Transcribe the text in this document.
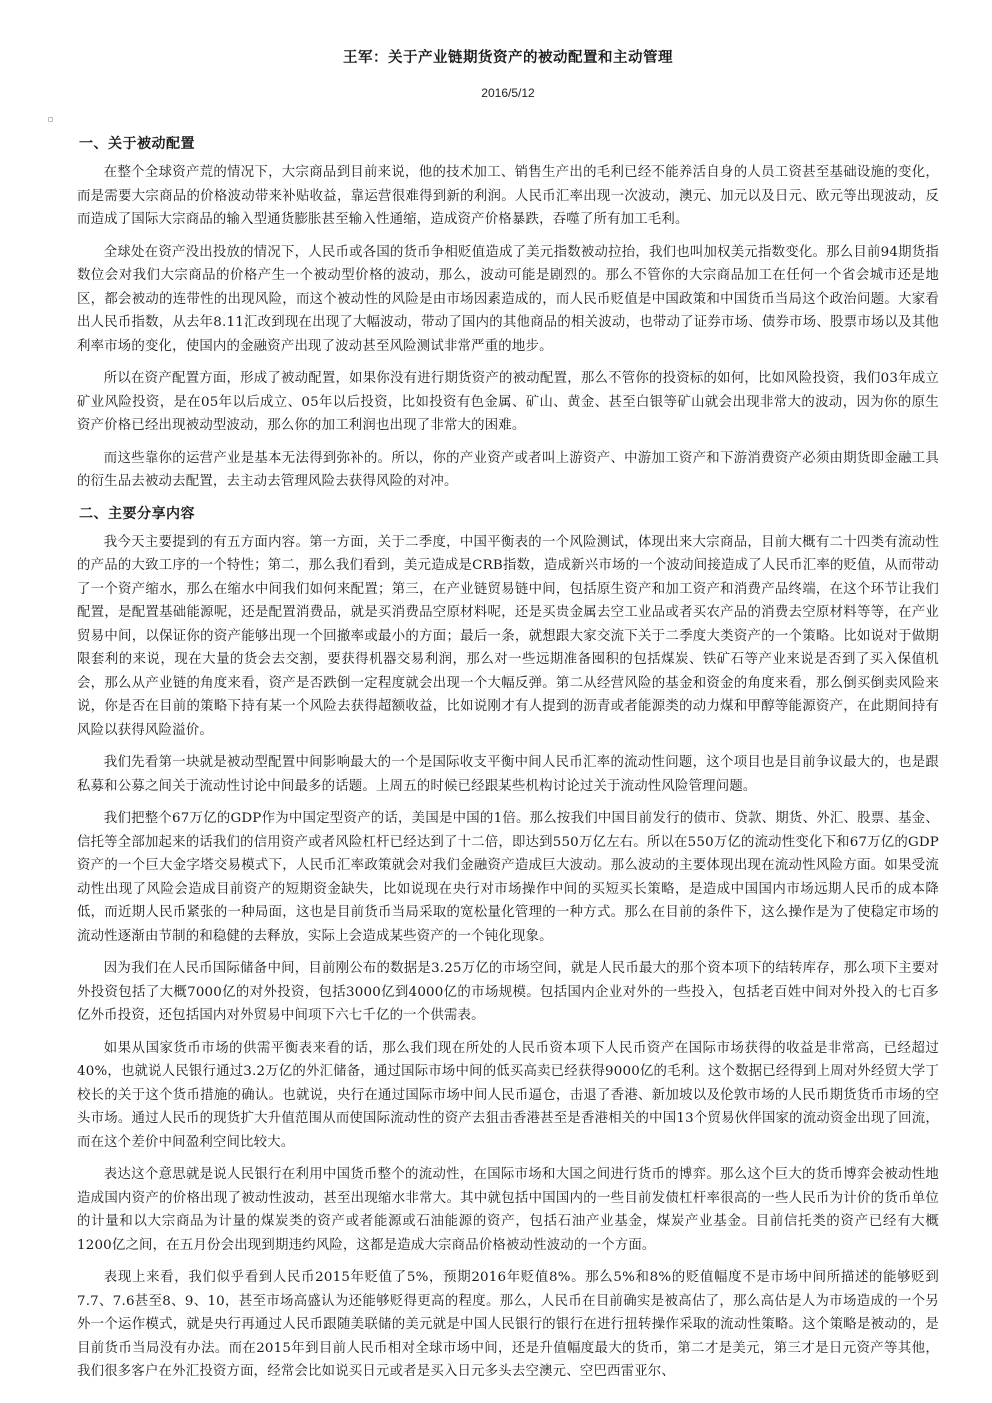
王军：关于产业链期货资产的被动配置和主动管理
2016/5/12
一、关于被动配置

在整个全球资产荒的情况下，大宗商品到目前来说，他的技术加工、销售生产出的毛利已经不能养活自身的人员工资甚至基础设施的变化，而是需要大宗商品的价格波动带来补贴收益，靠运营很难得到新的利润。人民币汇率出现一次波动，澳元、加元以及日元、欧元等出现波动，反而造成了国际大宗商品的输入型通货膨胀甚至输入性通缩，造成资产价格暴跌，吞噬了所有加工毛利。

全球处在资产没出投放的情况下，人民币或各国的货币争相贬值造成了美元指数被动拉抬，我们也叫加权美元指数变化。那么目前94期货指数位会对我们大宗商品的价格产生一个被动型价格的波动，那么，波动可能是剧烈的。那么不管你的大宗商品加工在任何一个省会城市还是地区，都会被动的连带性的出现风险，而这个被动性的风险是由市场因素造成的，而人民币贬值是中国政策和中国货币当局这个政治问题。大家看出人民币指数，从去年8.11汇改到现在出现了大幅波动，带动了国内的其他商品的相关波动，也带动了证券市场、债券市场、股票市场以及其他利率市场的变化，使国内的金融资产出现了波动甚至风险测试非常严重的地步。

所以在资产配置方面，形成了被动配置，如果你没有进行期货资产的被动配置，那么不管你的投资标的如何，比如风险投资，我们03年成立矿业风险投资，是在05年以后成立、05年以后投资，比如投资有色金属、矿山、黄金、甚至白银等矿山就会出现非常大的波动，因为你的原生资产价格已经出现被动型波动，那么你的加工利润也出现了非常大的困难。

而这些靠你的运营产业是基本无法得到弥补的。所以，你的产业资产或者叫上游资产、中游加工资产和下游消费资产必须由期货即金融工具的衍生品去被动去配置，去主动去管理风险去获得风险的对冲。

二、主要分享内容

我今天主要提到的有五方面内容。第一方面，关于二季度，中国平衡表的一个风险测试，体现出来大宗商品，目前大概有二十四类有流动性的产品的大致工序的一个特性；第二，那么我们看到，美元造成是CRB指数，造成新兴市场的一个波动间接造成了人民币汇率的贬值，从而带动了一个资产缩水，那么在缩水中间我们如何来配置；第三，在产业链贸易链中间，包括原生资产和加工资产和消费产品终端，在这个环节让我们配置，是配置基础能源呢，还是配置消费品，就是买消费品空原材料呢，还是买贵金属去空工业品或者买农产品的消费去空原材料等等，在产业贸易中间，以保证你的资产能够出现一个回撤率或最小的方面；最后一条，就想跟大家交流下关于二季度大类资产的一个策略。比如说对于做期限套利的来说，现在大量的货会去交割，要获得机器交易利润，那么对一些远期准备囤积的包括煤炭、铁矿石等产业来说是否到了买入保值机会，那么从产业链的角度来看，资产是否跌倒一定程度就会出现一个大幅反弹。第二从经营风险的基金和资金的角度来看，那么倒买倒卖风险来说，你是否在目前的策略下持有某一个风险去获得超额收益，比如说刚才有人提到的沥青或者能源类的动力煤和甲醇等能源资产，在此期间持有风险以获得风险溢价。

我们先看第一块就是被动型配置中间影响最大的一个是国际收支平衡中间人民币汇率的流动性问题，这个项目也是目前争议最大的，也是跟私募和公募之间关于流动性讨论中间最多的话题。上周五的时候已经跟某些机构讨论过关于流动性风险管理问题。

我们把整个67万亿的GDP作为中国定型资产的话，美国是中国的1倍。那么按我们中国目前发行的债市、贷款、期货、外汇、股票、基金、信托等全部加起来的话我们的信用资产或者风险杠杆已经达到了十二倍，即达到550万亿左右。所以在550万亿的流动性变化下和67万亿的GDP资产的一个巨大金字塔交易模式下，人民币汇率政策就会对我们金融资产造成巨大波动。那么波动的主要体现出现在流动性风险方面。如果受流动性出现了风险会造成目前资产的短期资金缺失，比如说现在央行对市场操作中间的买短买长策略，是造成中国国内市场远期人民币的成本降低，而近期人民币紧张的一种局面，这也是目前货币当局采取的宽松量化管理的一种方式。那么在目前的条件下，这么操作是为了使稳定市场的流动性逐渐由节制的和稳健的去释放，实际上会造成某些资产的一个钝化现象。

因为我们在人民币国际储备中间，目前刚公布的数据是3.25万亿的市场空间，就是人民币最大的那个资本项下的结转库存，那么项下主要对外投资包括了大概7000亿的对外投资，包括3000亿到4000亿的市场规模。包括国内企业对外的一些投入，包括老百姓中间对外投入的七百多亿外币投资，还包括国内对外贸易中间项下六七千亿的一个供需表。

如果从国家货币市场的供需平衡表来看的话，那么我们现在所处的人民币资本项下人民币资产在国际市场获得的收益是非常高，已经超过40%，也就说人民银行通过3.2万亿的外汇储备，通过国际市场中间的低买高卖已经获得9000亿的毛利。这个数据已经得到上周对外经贸大学丁校长的关于这个货币措施的确认。也就说，央行在通过国际市场中间人民币逼仓，击退了香港、新加坡以及伦敦市场的人民币期货货币市场的空头市场。通过人民币的现货扩大升值范围从而使国际流动性的资产去狙击香港甚至是香港相关的中国13个贸易伙伴国家的流动资金出现了回流，而在这个差价中间盈利空间比较大。

表达这个意思就是说人民银行在利用中国货币整个的流动性，在国际市场和大国之间进行货币的博弈。那么这个巨大的货币博弈会被动性地造成国内资产的价格出现了被动性波动，甚至出现缩水非常大。其中就包括中国国内的一些目前发债杠杆率很高的一些人民币为计价的货币单位的计量和以大宗商品为计量的煤炭类的资产或者能源或石油能源的资产，包括石油产业基金，煤炭产业基金。目前信托类的资产已经有大概1200亿之间，在五月份会出现到期违约风险，这都是造成大宗商品价格被动性波动的一个方面。

表现上来看，我们似乎看到人民币2015年贬值了5%，预期2016年贬值8%。那么5%和8%的贬值幅度不是市场中间所描述的能够贬到7.7、7.6甚至8、9、10，甚至市场高盛认为还能够贬得更高的程度。那么，人民币在目前确实是被高估了，那么高估是人为市场造成的一个另外一个运作模式，就是央行再通过人民币跟随美联储的美元就是中国人民银行的银行在进行扭转操作采取的流动性策略。这个策略是被动的，是目前货币当局没有办法。而在2015年到目前人民币相对全球市场中间，还是升值幅度最大的货币，第二才是美元，第三才是日元资产等其他，我们很多客户在外汇投资方面，经常会比如说买日元或者是买入日元多头去空澳元、空巴西雷亚尔、
